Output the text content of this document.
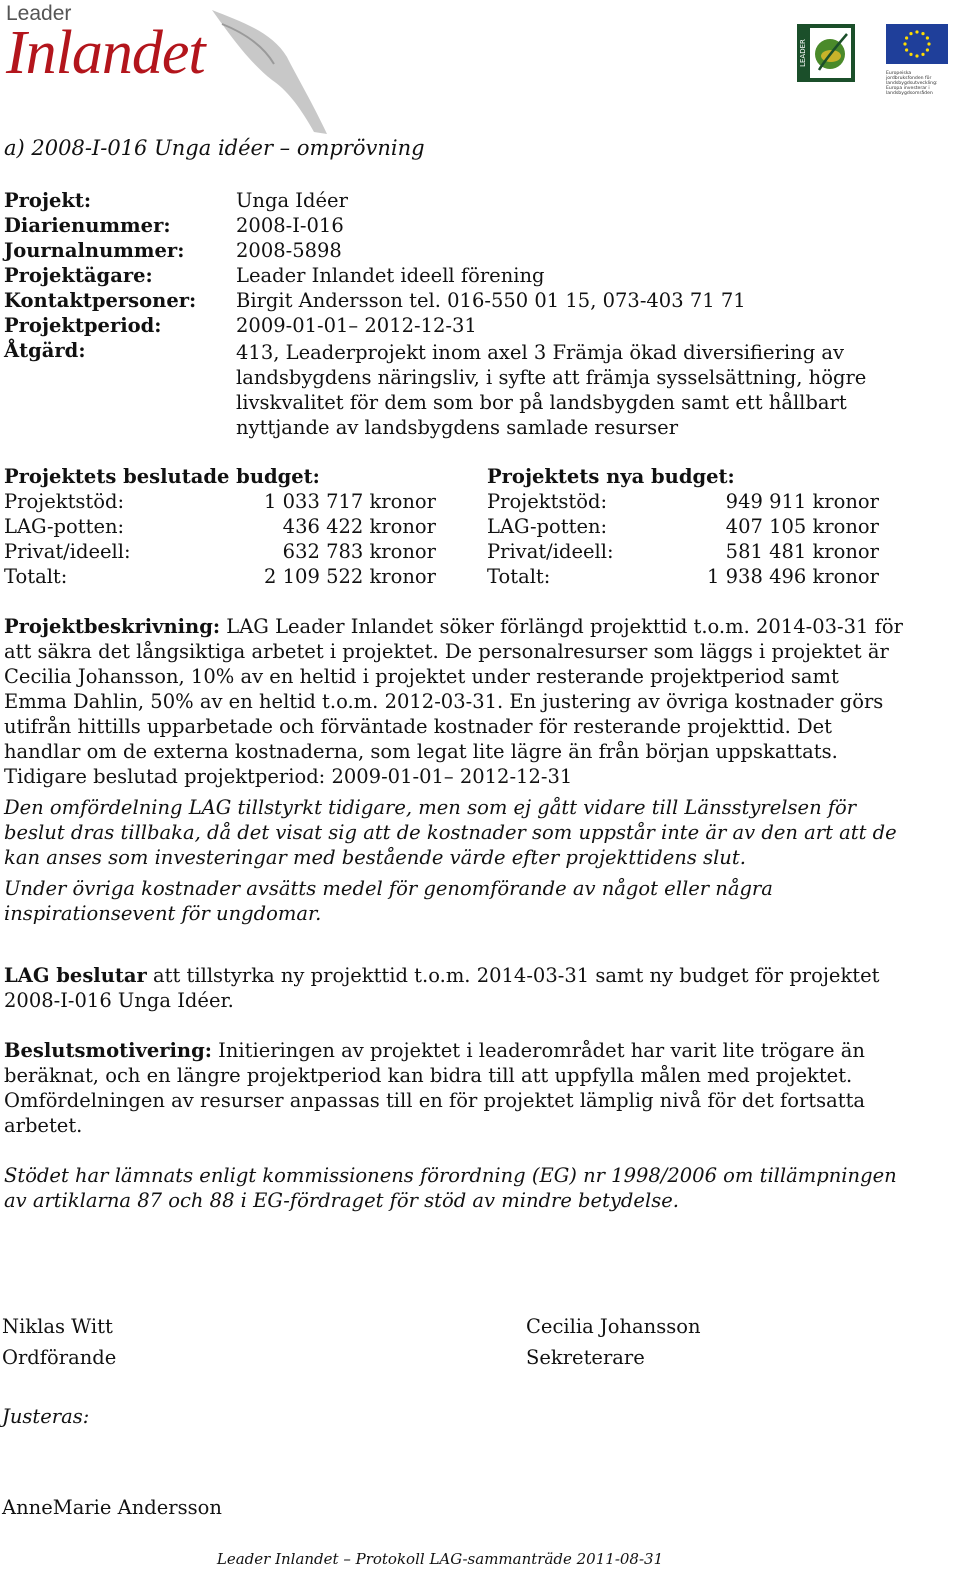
Leader
Inlandet	LEADER
Europeiska jordbruksfonden för landsbygdsutveckling: Europa investerar i landsbygdsområden
a) 2008-I-016 Unga idéer – omprövning
Projekt:	Unga Idéer
Diarienummer:	2008-I-016
Journalnummer:	2008-5898
Projektägare:	Leader Inlandet ideell förening
Kontaktpersoner: Birgit Andersson tel. 016-550 01 15, 073-403 71 71
Projektperiod:	2009-01-01– 2012-12-31
Åtgärd:	413, Leaderprojekt inom axel 3 Främja ökad diversifiering av landsbygdens näringsliv, i syfte att främja sysselsättning, högre livskvalitet för dem som bor på landsbygden samt ett hållbart nyttjande av landsbygdens samlade resurser
Projektets beslutade budget:
Projektstöd:	1 033 717 kronor
LAG-potten:	436 422 kronor
Privat/ideell:	632 783 kronor
Totalt:	2 109 522 kronor
Projektets nya budget:
Projektstöd:	949 911 kronor
LAG-potten:	407 105 kronor
Privat/ideell:	581 481 kronor
Totalt:	1 938 496 kronor
Projektbeskrivning: LAG Leader Inlandet söker förlängd projekttid t.o.m. 2014-03-31 för att säkra det långsiktiga arbetet i projektet. De personalresurser som läggs i projektet är Cecilia Johansson, 10% av en heltid i projektet under resterande projektperiod samt Emma Dahlin, 50% av en heltid t.o.m. 2012-03-31. En justering av övriga kostnader görs utifrån hittills upparbetade och förväntade kostnader för resterande projekttid. Det handlar om de externa kostnaderna, som legat lite lägre än från början uppskattats.
Tidigare beslutad projektperiod: 2009-01-01– 2012-12-31
Den omfördelning LAG tillstyrkt tidigare, men som ej gått vidare till Länsstyrelsen för beslut dras tillbaka, då det visat sig att de kostnader som uppstår inte är av den art att de kan anses som investeringar med bestående värde efter projekttidens slut.
Under övriga kostnader avsätts medel för genomförande av något eller några inspirationsevent för ungdomar.
LAG beslutar att tillstyrka ny projekttid t.o.m. 2014-03-31 samt ny budget för projektet 2008-I-016 Unga Idéer.
Beslutsmotivering: Initieringen av projektet i leaderområdet har varit lite trögare än beräknat, och en längre projektperiod kan bidra till att uppfylla målen med projektet. Omfördelningen av resurser anpassas till en för projektet lämplig nivå för det fortsatta arbetet.
Stödet har lämnats enligt kommissionens förordning (EG) nr 1998/2006 om tillämpningen av artiklarna 87 och 88 i EG-fördraget för stöd av mindre betydelse.
Niklas Witt
Ordförande
Cecilia Johansson
Sekreterare
Justeras:
AnneMarie Andersson
Leader Inlandet – Protokoll LAG-sammanträde 2011-08-31
